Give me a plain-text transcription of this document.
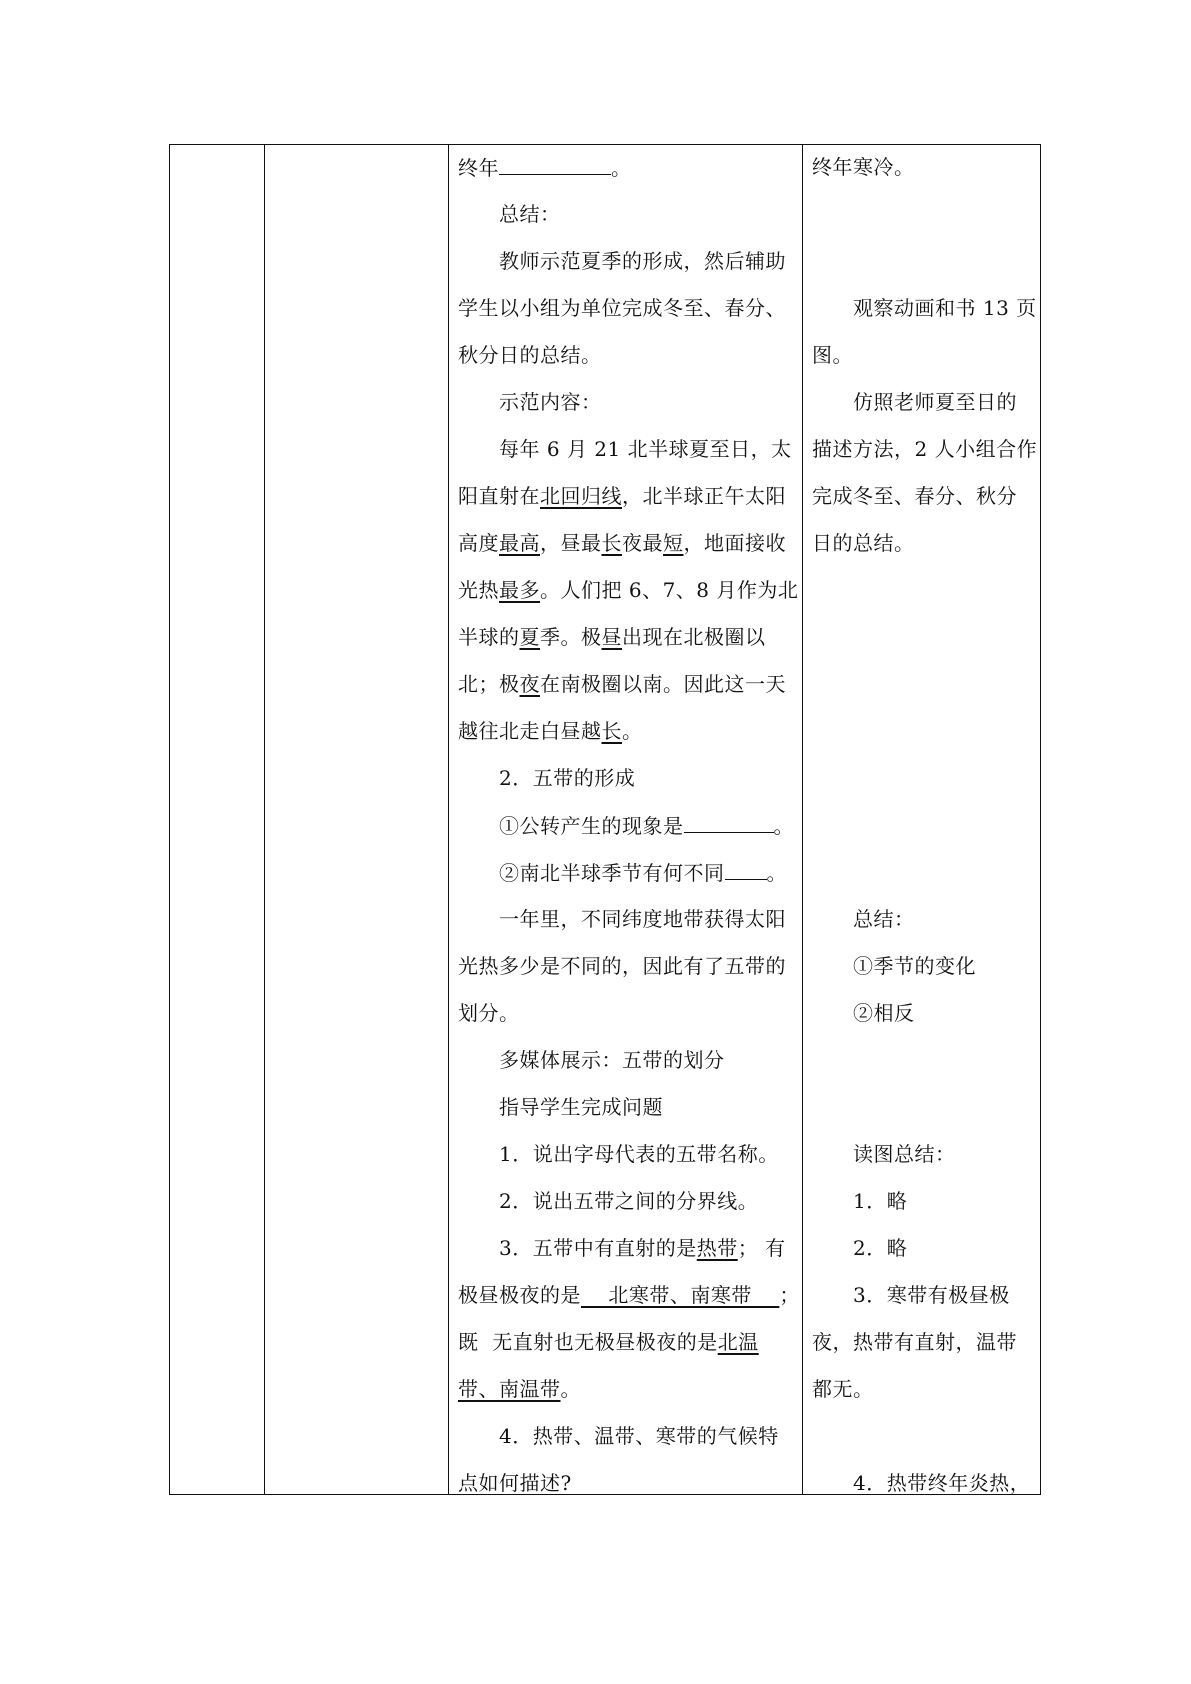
终年	。
总结：
教师示范夏季的形成，然后辅助
学生以小组为单位完成冬至、春分、
秋分日的总结。
示范内容：
每年 6 月 21 北半球夏至日，太
阳直射在北回归线，北半球正午太阳
高度最高，昼最长夜最短，地面接收
光热最多。人们把 6、7、8 月作为北
半球的夏季。极昼出现在北极圈以
北；极夜在南极圈以南。因此这一天
越往北走白昼越长。
2．五带的形成
①公转产生的现象是	。
②南北半球季节有何不同 。
一年里，不同纬度地带获得太阳
光热多少是不同的，因此有了五带的
划分。
多媒体展示：五带的划分
指导学生完成问题
1．说出字母代表的五带名称。
2．说出五带之间的分界线。
3．五带中有直射的是热带； 有
极昼极夜的是    北寒带、南寒带    ；
既  无直射也无极昼极夜的是北温
带、南温带。
4．热带、温带、寒带的气候特
点如何描述?
终年寒冷。
观察动画和书 13 页
图。
仿照老师夏至日的
描述方法，2 人小组合作
完成冬至、春分、秋分
日的总结。
总结：
①季节的变化
②相反
读图总结：
1．略
2．略
3．寒带有极昼极
夜，热带有直射，温带
都无。
4．热带终年炎热，
